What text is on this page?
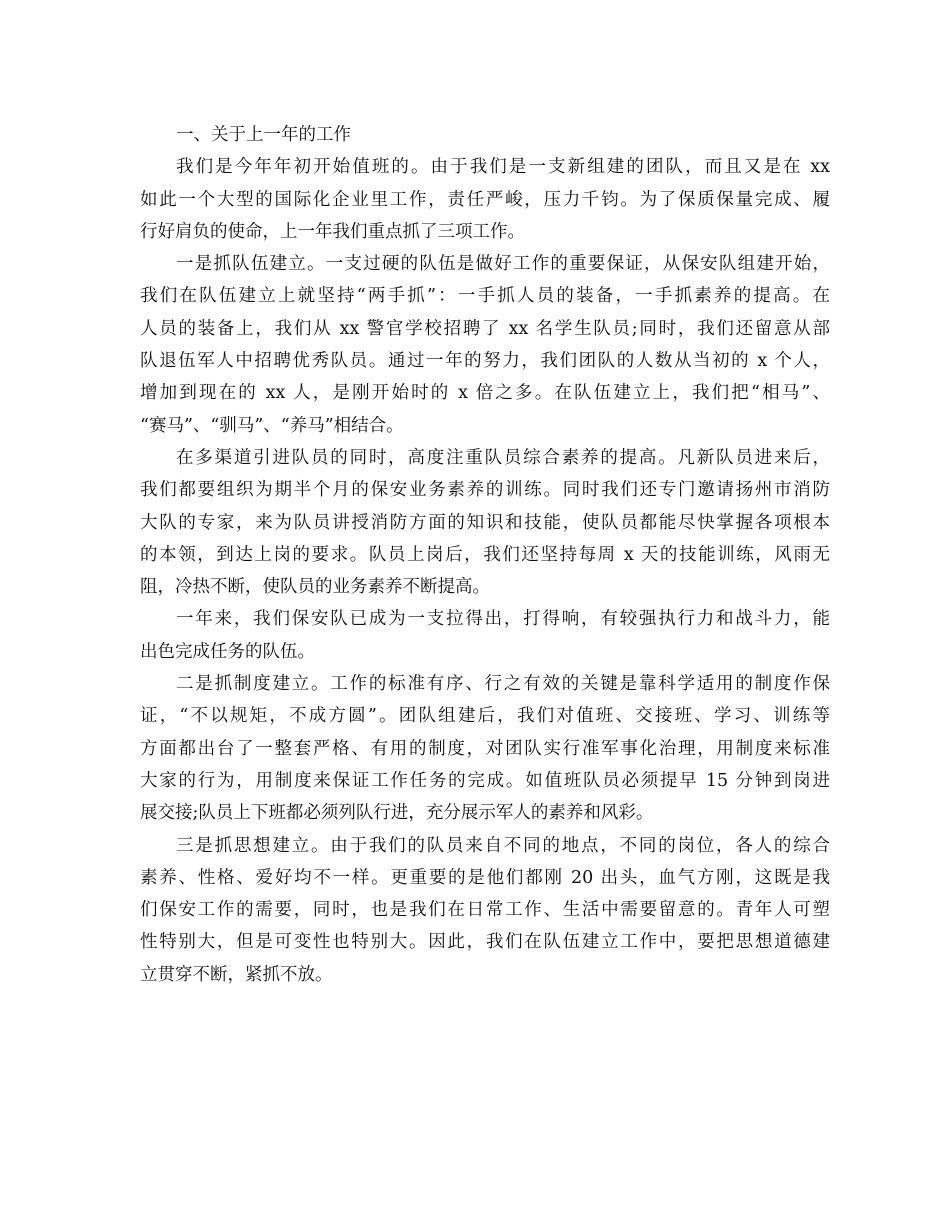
一、关于上一年的工作
我们是今年年初开始值班的。由于我们是一支新组建的团队，而且又是在 xx
如此一个大型的国际化企业里工作，责任严峻，压力千钧。为了保质保量完成、履
行好肩负的使命，上一年我们重点抓了三项工作。
一是抓队伍建立。一支过硬的队伍是做好工作的重要保证，从保安队组建开始，
我们在队伍建立上就坚持“两手抓”：一手抓人员的装备，一手抓素养的提高。在
人员的装备上，我们从 xx 警官学校招聘了 xx 名学生队员;同时，我们还留意从部
队退伍军人中招聘优秀队员。通过一年的努力，我们团队的人数从当初的 x 个人，
增加到现在的 xx 人，是刚开始时的 x 倍之多。在队伍建立上，我们把“相马”、
“赛马”、“驯马”、“养马”相结合。
在多渠道引进队员的同时，高度注重队员综合素养的提高。凡新队员进来后，
我们都要组织为期半个月的保安业务素养的训练。同时我们还专门邀请扬州市消防
大队的专家，来为队员讲授消防方面的知识和技能，使队员都能尽快掌握各项根本
的本领，到达上岗的要求。队员上岗后，我们还坚持每周 x 天的技能训练，风雨无
阻，冷热不断，使队员的业务素养不断提高。
一年来，我们保安队已成为一支拉得出，打得响，有较强执行力和战斗力，能
出色完成任务的队伍。
二是抓制度建立。工作的标准有序、行之有效的关键是靠科学适用的制度作保
证，“不以规矩，不成方圆”。团队组建后，我们对值班、交接班、学习、训练等
方面都出台了一整套严格、有用的制度，对团队实行准军事化治理，用制度来标准
大家的行为，用制度来保证工作任务的完成。如值班队员必须提早 15 分钟到岗进
展交接;队员上下班都必须列队行进，充分展示军人的素养和风彩。
三是抓思想建立。由于我们的队员来自不同的地点，不同的岗位，各人的综合
素养、性格、爱好均不一样。更重要的是他们都刚 20 出头，血气方刚，这既是我
们保安工作的需要，同时，也是我们在日常工作、生活中需要留意的。青年人可塑
性特别大，但是可变性也特别大。因此，我们在队伍建立工作中，要把思想道德建
立贯穿不断，紧抓不放。
